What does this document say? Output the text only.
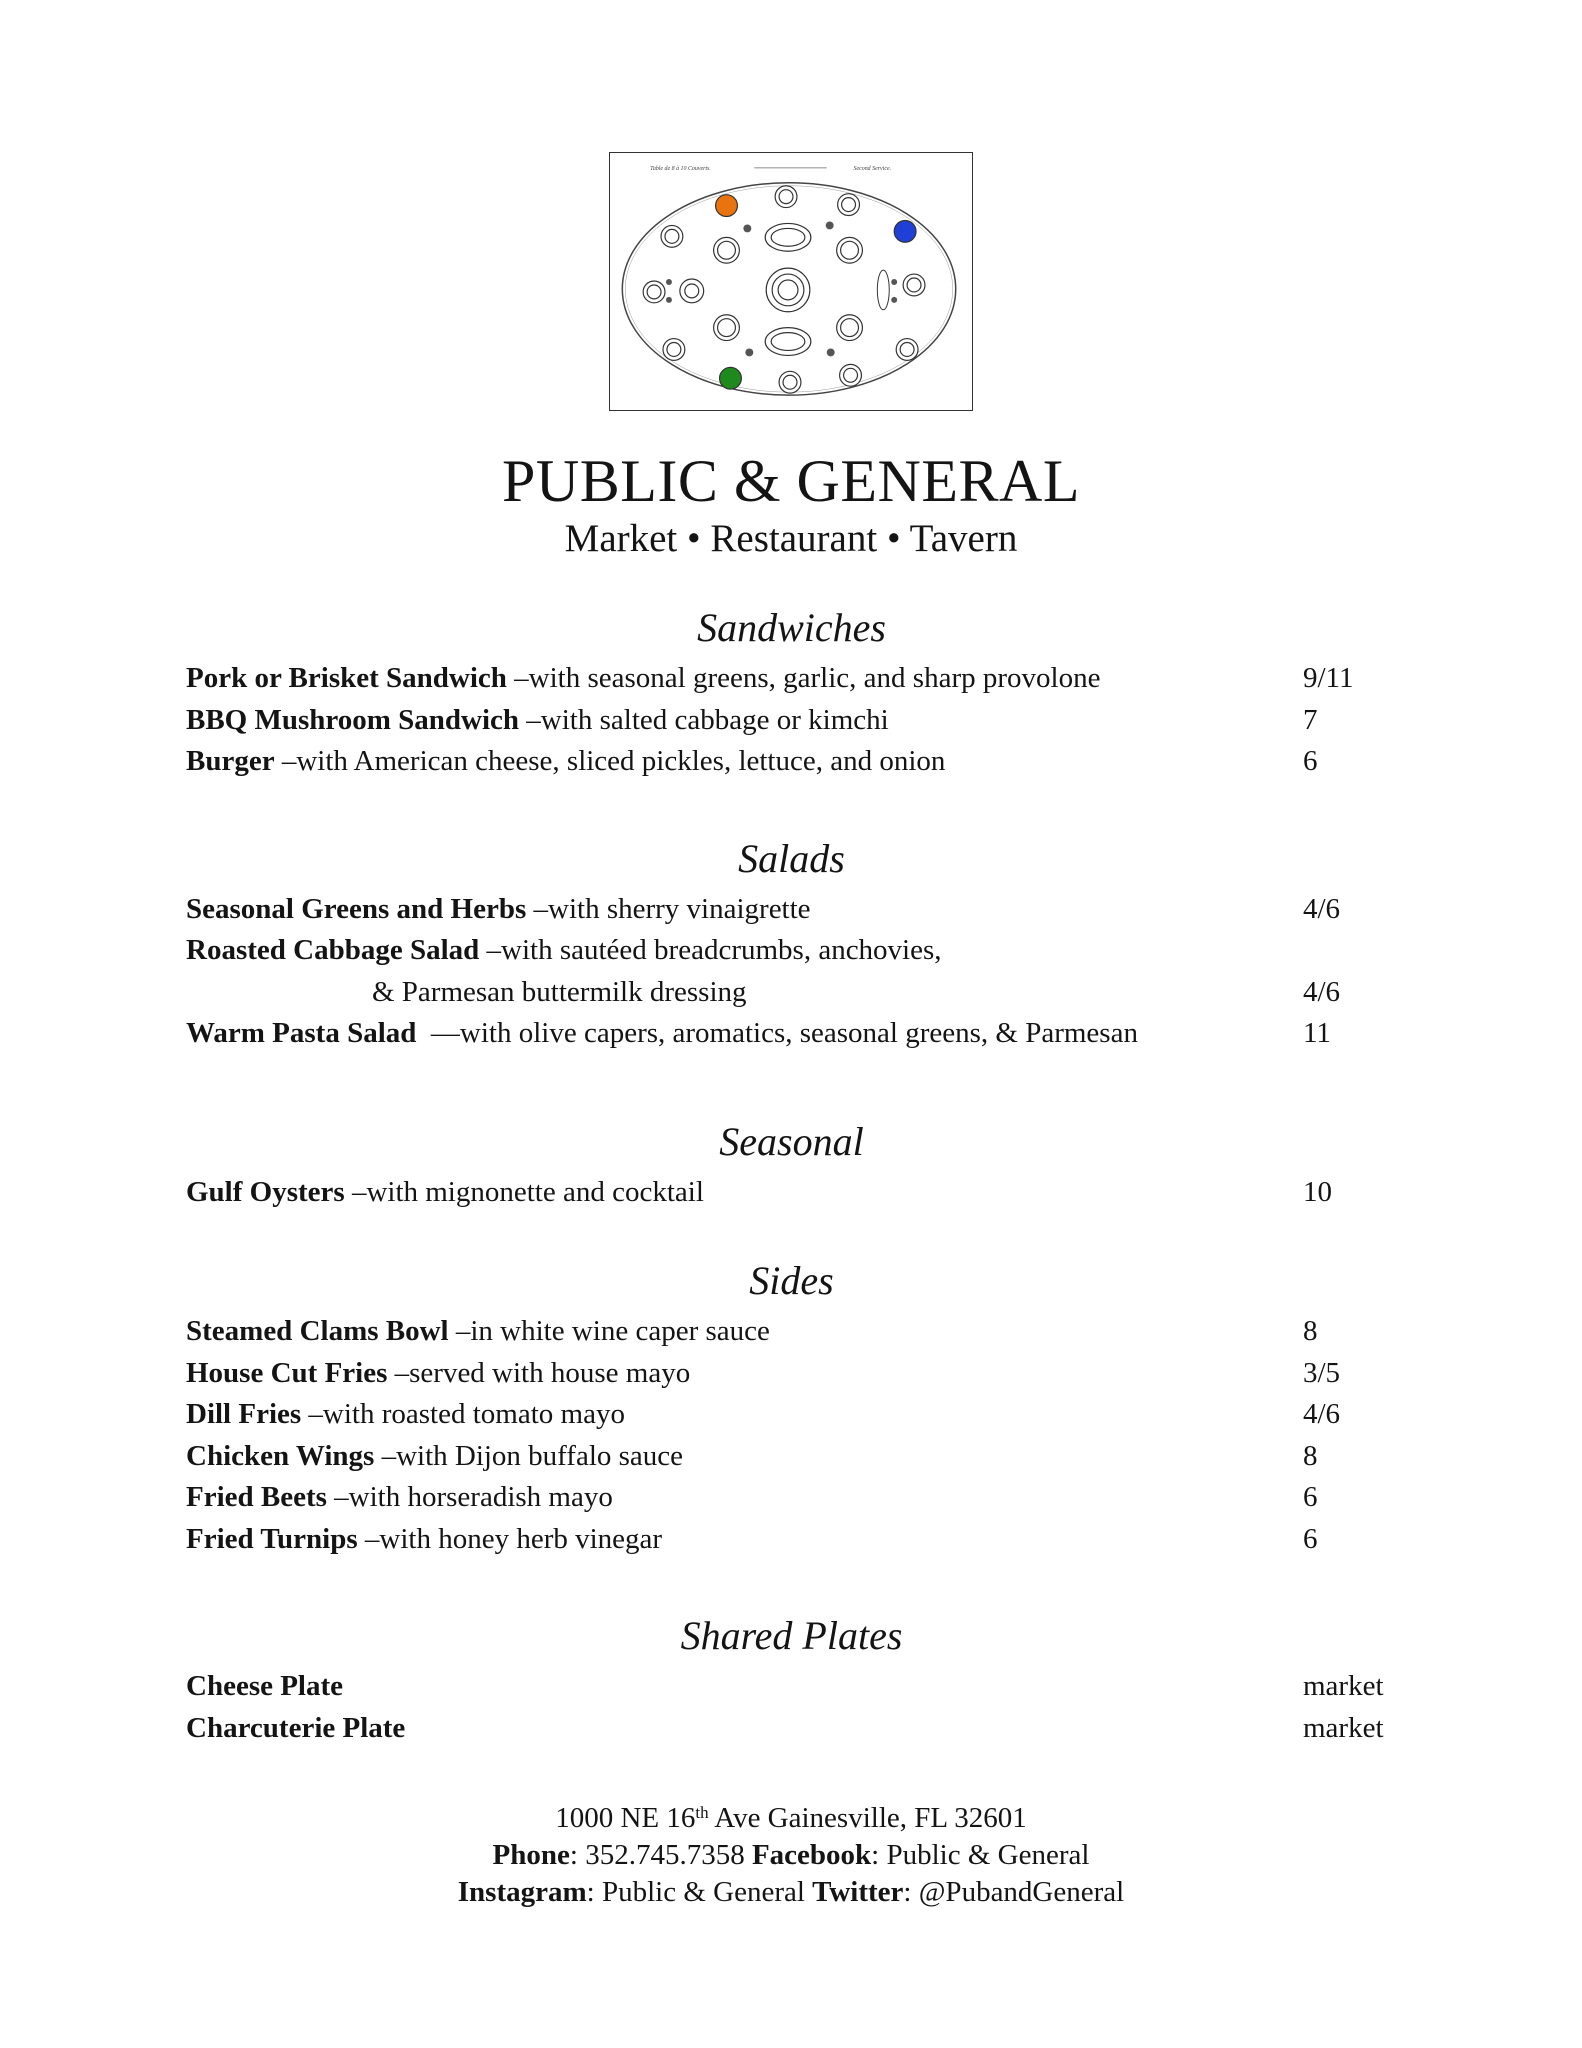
Table de 8 à 10 Couverts.	Second Service.
PUBLIC & GENERAL
Market • Restaurant • Tavern
Sandwiches
Pork or Brisket Sandwich –with seasonal greens, garlic, and sharp provolone	9/11
BBQ Mushroom Sandwich –with salted cabbage or kimchi	7
Burger –with American cheese, sliced pickles, lettuce, and onion	6
Salads
Seasonal Greens and Herbs –with sherry vinaigrette	4/6
Roasted Cabbage Salad –with sautéed breadcrumbs, anchovies,
& Parmesan buttermilk dressing	4/6
Warm Pasta Salad  —with olive capers, aromatics, seasonal greens, & Parmesan	11
Seasonal
Gulf Oysters –with mignonette and cocktail	10
Sides
Steamed Clams Bowl –in white wine caper sauce	8
House Cut Fries –served with house mayo	3/5
Dill Fries –with roasted tomato mayo	4/6
Chicken Wings –with Dijon buffalo sauce	8
Fried Beets –with horseradish mayo	6
Fried Turnips –with honey herb vinegar	6
Shared Plates
Cheese Plate	market
Charcuterie Plate	market
1000 NE 16th Ave Gainesville, FL 32601
Phone: 352.745.7358 Facebook: Public & General
Instagram: Public & General Twitter: @PubandGeneral
